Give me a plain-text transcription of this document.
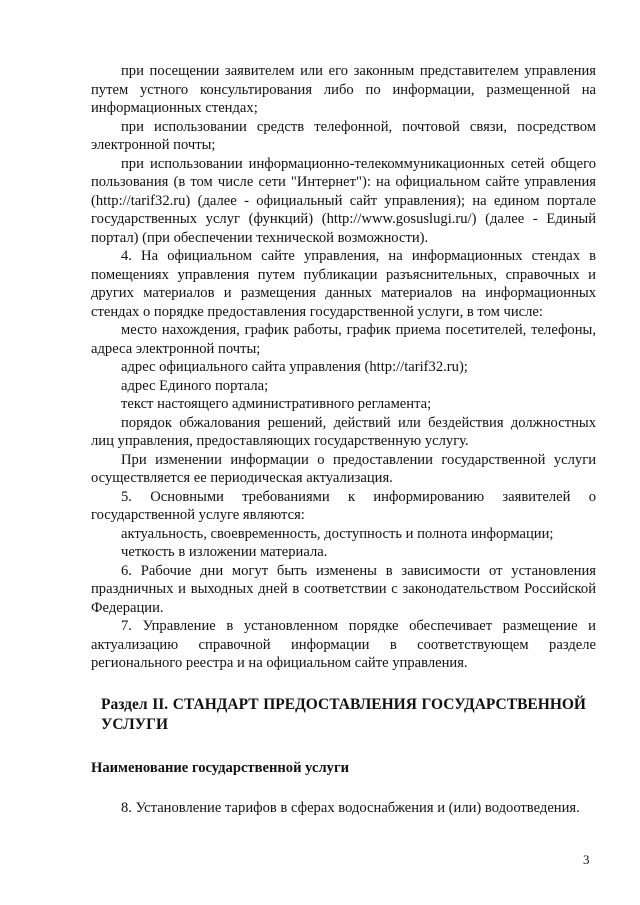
при посещении заявителем или его законным представителем управления путем устного консультирования либо по информации, размещенной на информационных стендах;

при использовании средств телефонной, почтовой связи, посредством электронной почты;

при использовании информационно-телекоммуникационных сетей общего пользования (в том числе сети "Интернет"): на официальном сайте управления (http://tarif32.ru) (далее - официальный сайт управления); на едином портале государственных услуг (функций) (http://www.gosuslugi.ru/) (далее - Единый портал) (при обеспечении технической возможности).

4. На официальном сайте управления, на информационных стендах в помещениях управления путем публикации разъяснительных, справочных и других материалов и размещения данных материалов на информационных стендах о порядке предоставления государственной услуги, в том числе:

место нахождения, график работы, график приема посетителей, телефоны, адреса электронной почты;

адрес официального сайта управления (http://tarif32.ru);

адрес Единого портала;

текст настоящего административного регламента;

порядок обжалования решений, действий или бездействия должностных лиц управления, предоставляющих государственную услугу.

При изменении информации о предоставлении государственной услуги осуществляется ее периодическая актуализация.

5. Основными требованиями к информированию заявителей о государственной услуге являются:

актуальность, своевременность, доступность и полнота информации;

четкость в изложении материала.

6. Рабочие дни могут быть изменены в зависимости от установления праздничных и выходных дней в соответствии с законодательством Российской Федерации.

7. Управление в установленном порядке обеспечивает размещение и актуализацию справочной информации в соответствующем разделе регионального реестра и на официальном сайте управления.

Раздел II. СТАНДАРТ ПРЕДОСТАВЛЕНИЯ ГОСУДАРСТВЕННОЙ УСЛУГИ

Наименование государственной услуги

8. Установление тарифов в сферах водоснабжения и (или) водоотведения.

3
